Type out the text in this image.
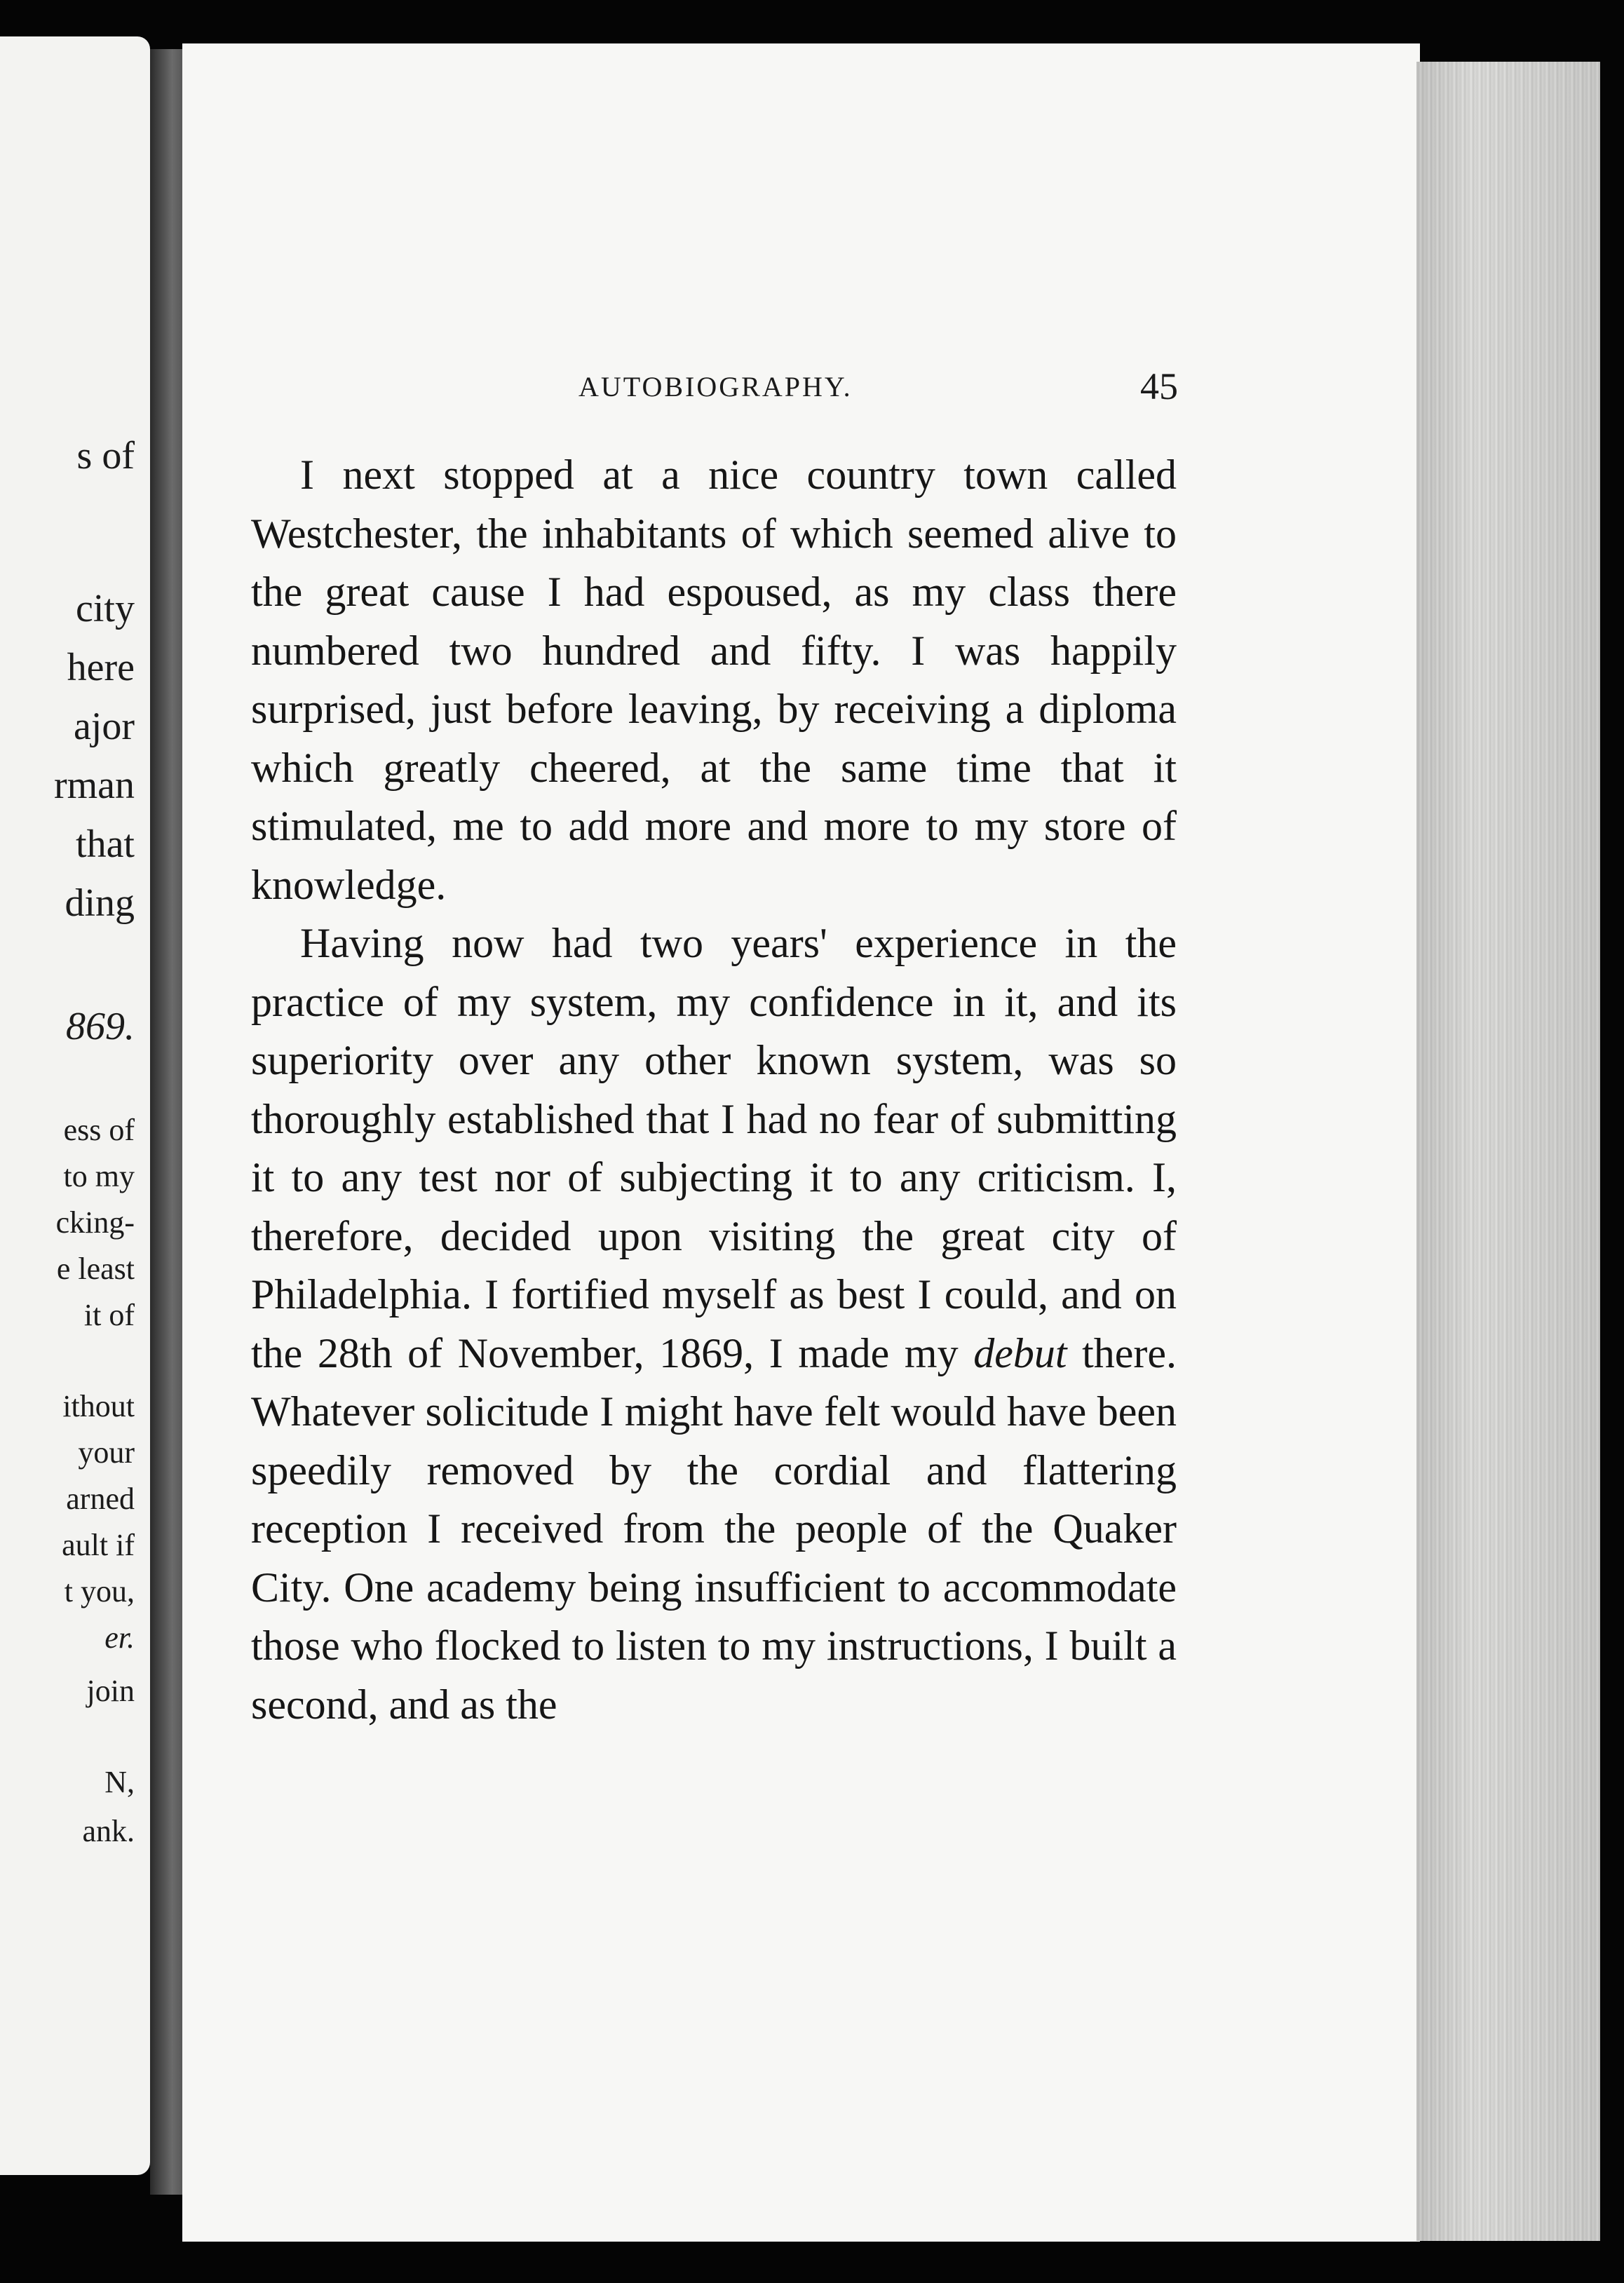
s of
city
here
ajor
rman
that
ding
869.
ess of
to my
cking-
e least
it of
ithout
your
arned
ault if
t you,
er.
join
N,
ank.
AUTOBIOGRAPHY.	45

I next stopped at a nice country town called Westchester, the inhabitants of which seemed alive to the great cause I had espoused, as my class there numbered two hundred and fifty. I was happily surprised, just before leaving, by receiving a diploma which greatly cheered, at the same time that it stimulated, me to add more and more to my store of knowledge.

Having now had two years' experience in the practice of my system, my confidence in it, and its superiority over any other known system, was so thoroughly established that I had no fear of submitting it to any test nor of subjecting it to any criticism. I, therefore, decided upon visiting the great city of Philadelphia. I fortified myself as best I could, and on the 28th of November, 1869, I made my debut there. Whatever solicitude I might have felt would have been speedily removed by the cordial and flattering reception I received from the people of the Quaker City. One academy being insufficient to accommodate those who flocked to listen to my instructions, I built a second, and as the
